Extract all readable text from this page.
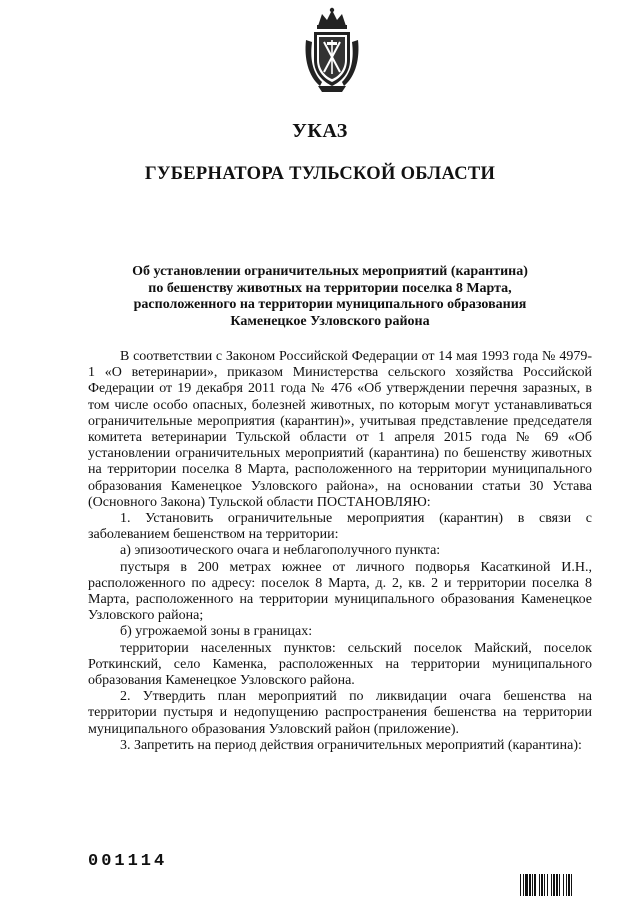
УКАЗ
ГУБЕРНАТОРА ТУЛЬСКОЙ ОБЛАСТИ
Об установлении ограничительных мероприятий (карантина)
по бешенству животных на территории поселка 8 Марта,
расположенного на территории муниципального образования
Каменецкое Узловского района

В соответствии с Законом Российской Федерации от 14 мая 1993 года № 4979-1 «О ветеринарии», приказом Министерства сельского хозяйства Российской Федерации от 19 декабря 2011 года № 476 «Об утверждении перечня заразных, в том числе особо опасных, болезней животных, по которым могут устанавливаться ограничительные мероприятия (карантин)», учитывая представление председателя комитета ветеринарии Тульской области от 1 апреля 2015 года № 69 «Об установлении ограничительных мероприятий (карантина) по бешенству животных на территории поселка 8 Марта, расположенного на территории муниципального образования Каменецкое Узловского района», на основании статьи 30 Устава (Основного Закона) Тульской области ПОСТАНОВЛЯЮ:

1. Установить ограничительные мероприятия (карантин) в связи с заболеванием бешенством на территории:

а) эпизоотического очага и неблагополучного пункта:

пустыря в 200 метрах южнее от личного подворья Касаткиной И.Н., расположенного по адресу: поселок 8 Марта, д. 2, кв. 2 и территории поселка 8 Марта, расположенного на территории муниципального образования Каменецкое Узловского района;

б) угрожаемой зоны в границах:

территории населенных пунктов: сельский поселок Майский, поселок Роткинский, село Каменка, расположенных на территории муниципального образования Каменецкое Узловского района.

2. Утвердить план мероприятий по ликвидации очага бешенства на территории пустыря и недопущению распространения бешенства на территории муниципального образования Узловский район (приложение).

3. Запретить на период действия ограничительных мероприятий (карантина):

001114
